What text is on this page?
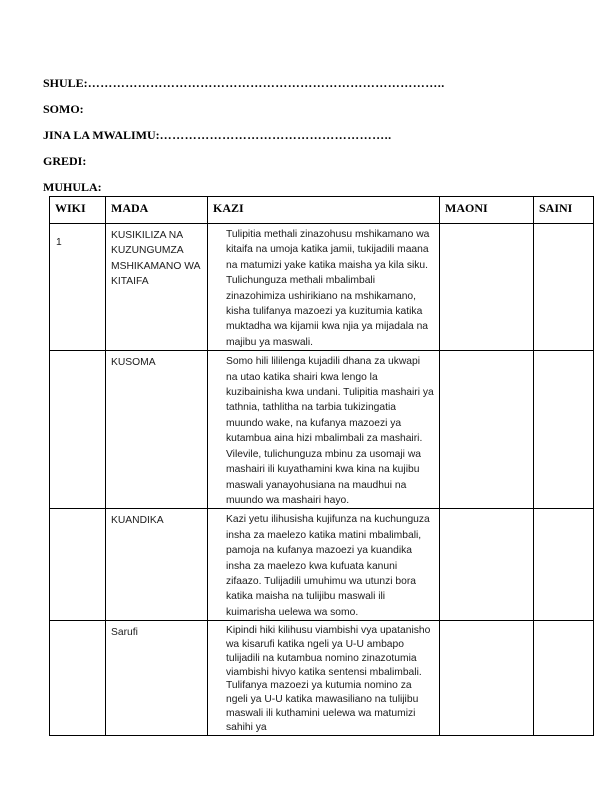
SHULE:…………………………………………………………………………..

SOMO:

JINA LA MWALIMU:………………………………………………..

GREDI:

MUHULA:

WIKI	MADA	KAZI	MAONI	SAINI
1	KUSIKILIZA NA KUZUNGUMZA MSHIKAMANO WA KITAIFA	Tulipitia methali zinazohusu mshikamano wa kitaifa na umoja katika jamii, tukijadili maana na matumizi yake katika maisha ya kila siku. Tulichunguza methali mbalimbali zinazohimiza ushirikiano na mshikamano, kisha tulifanya mazoezi ya kuzitumia katika muktadha wa kijamii kwa njia ya mijadala na majibu ya maswali.		
	KUSOMA	Somo hili lililenga kujadili dhana za ukwapi na utao katika shairi kwa lengo la kuzibainisha kwa undani. Tulipitia mashairi ya tathnia, tathlitha na tarbia tukizingatia muundo wake, na kufanya mazoezi ya kutambua aina hizi mbalimbali za mashairi. Vilevile, tulichunguza mbinu za usomaji wa mashairi ili kuyathamini kwa kina na kujibu maswali yanayohusiana na maudhui na muundo wa mashairi hayo.		
	KUANDIKA	Kazi yetu ilihusisha kujifunza na kuchunguza insha za maelezo katika matini mbalimbali, pamoja na kufanya mazoezi ya kuandika insha za maelezo kwa kufuata kanuni zifaazo. Tulijadili umuhimu wa utunzi bora katika maisha na tulijibu maswali ili kuimarisha uelewa wa somo.		
	Sarufi	Kipindi hiki kilihusu viambishi vya upatanisho wa kisarufi katika ngeli ya U-U ambapo tulijadili na kutambua nomino zinazotumia viambishi hivyo katika sentensi mbalimbali. Tulifanya mazoezi ya kutumia nomino za ngeli ya U-U katika mawasiliano na tulijibu maswali ili kuthamini uelewa wa matumizi sahihi ya		
